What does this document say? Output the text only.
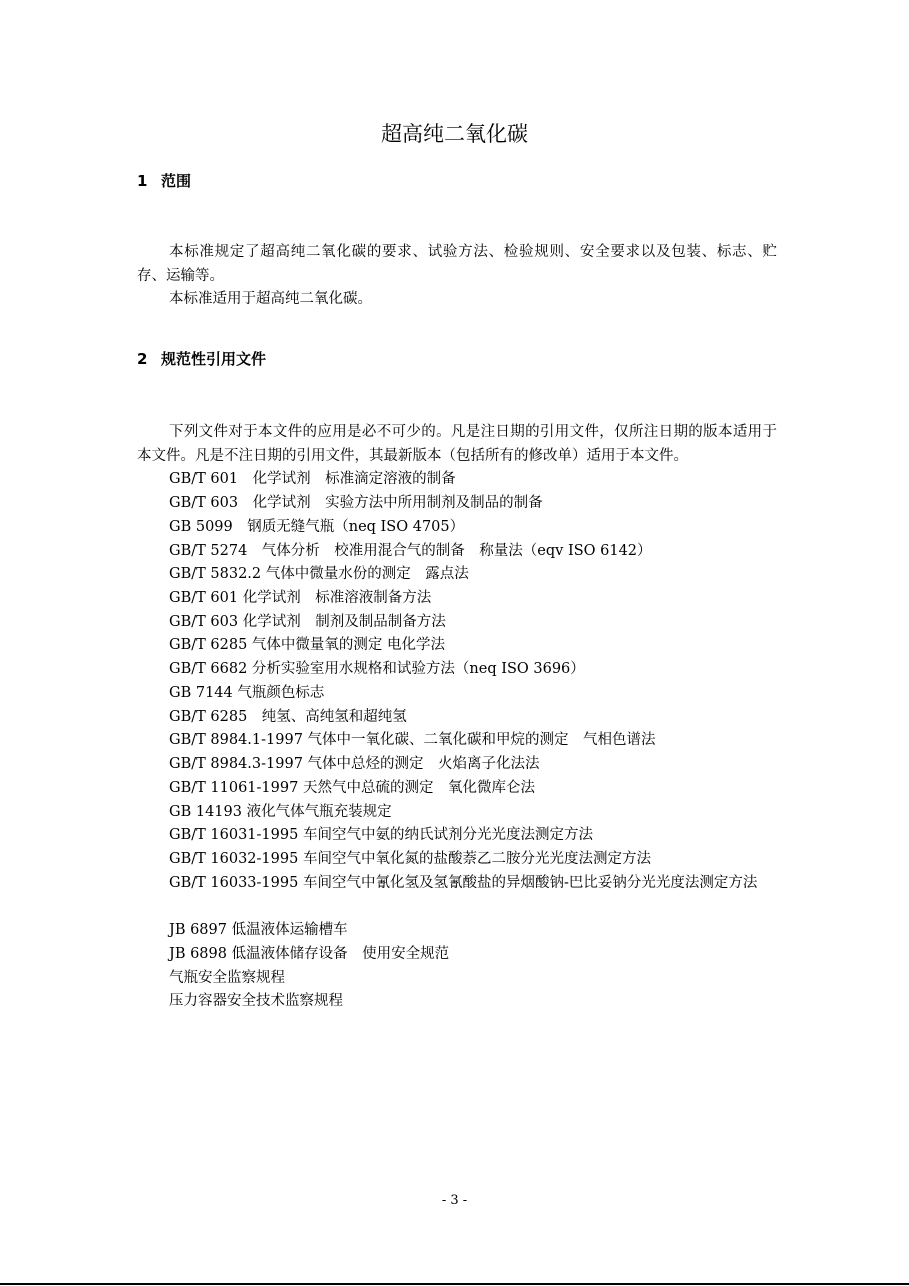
超高纯二氧化碳
1 范围

本标准规定了超高纯二氧化碳的要求、试验方法、检验规则、安全要求以及包装、标志、贮存、运输等。

本标准适用于超高纯二氧化碳。

2 规范性引用文件

下列文件对于本文件的应用是必不可少的。凡是注日期的引用文件，仅所注日期的版本适用于本文件。凡是不注日期的引用文件，其最新版本（包括所有的修改单）适用于本文件。

GB/T 601　化学试剂　标准滴定溶液的制备
GB/T 603　化学试剂　实验方法中所用制剂及制品的制备
GB 5099　钢质无缝气瓶（neq ISO 4705）
GB/T 5274　气体分析　校准用混合气的制备　称量法（eqv ISO 6142）
GB/T 5832.2 气体中微量水份的测定　露点法
GB/T 601 化学试剂　标准溶液制备方法
GB/T 603 化学试剂　制剂及制品制备方法
GB/T 6285 气体中微量氧的测定 电化学法
GB/T 6682 分析实验室用水规格和试验方法（neq ISO 3696）
GB 7144 气瓶颜色标志
GB/T 6285　纯氢、高纯氢和超纯氢
GB/T 8984.1-1997 气体中一氧化碳、二氧化碳和甲烷的测定　气相色谱法
GB/T 8984.3-1997 气体中总烃的测定　火焰离子化法法
GB/T 11061-1997 天然气中总硫的测定　氧化微库仑法
GB 14193 液化气体气瓶充装规定
GB/T 16031-1995 车间空气中氨的纳氏试剂分光光度法测定方法
GB/T 16032-1995 车间空气中氧化氮的盐酸萘乙二胺分光光度法测定方法

GB/T 16033-1995 车间空气中氰化氢及氢氰酸盐的异烟酸钠-巴比妥钠分光光度法测定方法

JB 6897 低温液体运输槽车
JB 6898 低温液体储存设备　使用安全规范
气瓶安全监察规程
压力容器安全技术监察规程
- 3 -
